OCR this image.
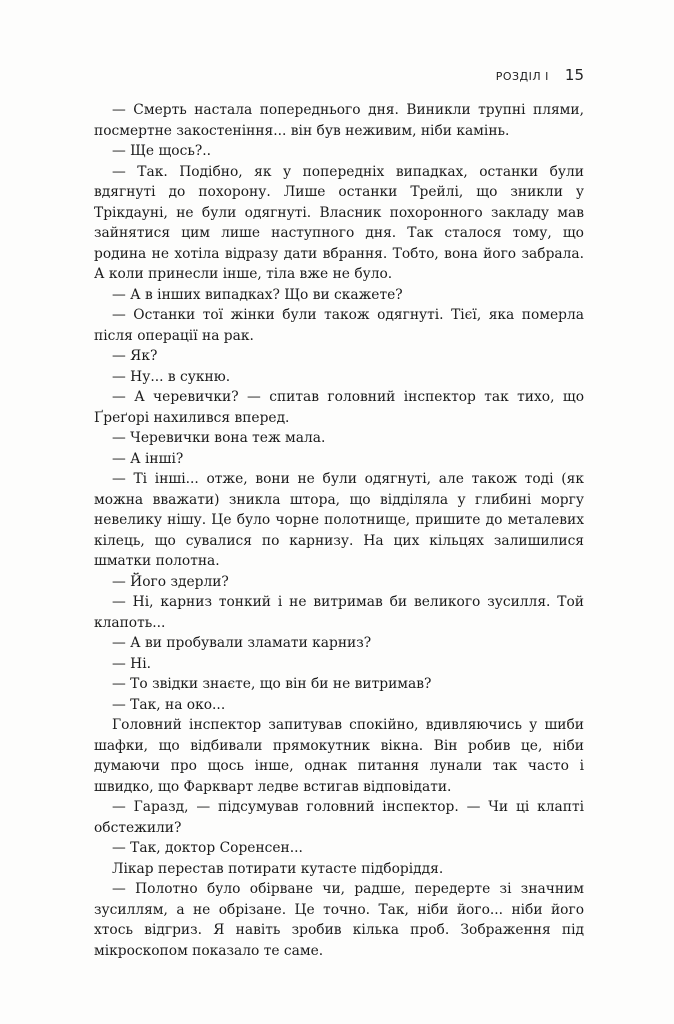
РОЗДІЛ І 15

— Смерть настала попереднього дня. Виникли трупні плями, посмертне закостеніння... він був неживим, ніби камінь.

— Ще щось?..

— Так. Подібно, як у попередніх випадках, останки були вдягнуті до похорону. Лише останки Трейлі, що зникли у Трікдауні, не були одягнуті. Власник похоронного закладу мав зайнятися цим лише наступного дня. Так сталося тому, що родина не хотіла відразу дати вбрання. Тобто, вона його забрала. А коли принесли інше, тіла вже не було.

— А в інших випадках? Що ви скажете?

— Останки тої жінки були також одягнуті. Тієї, яка померла після операції на рак.

— Як?

— Ну... в сукню.

— А черевички? — спитав головний інспектор так тихо, що Ґреґорі нахилився вперед.

— Черевички вона теж мала.

— А інші?

— Ті інші... отже, вони не були одягнуті, але також тоді (як можна вважати) зникла штора, що відділяла у глибині моргу невелику нішу. Це було чорне полотнище, пришите до металевих кілець, що сувалися по карнизу. На цих кільцях залишилися шматки полотна.

— Його здерли?

— Ні, карниз тонкий і не витримав би великого зусилля. Той клапоть...

— А ви пробували зламати карниз?

— Ні.

— То звідки знаєте, що він би не витримав?

— Так, на око...

Головний інспектор запитував спокійно, вдивляючись у шиби шафки, що відбивали прямокутник вікна. Він робив це, ніби думаючи про щось інше, однак питання лунали так часто і швидко, що Фаркварт ледве встигав відповідати.

— Гаразд, — підсумував головний інспектор. — Чи ці клапті обстежили?

— Так, доктор Соренсен...

Лікар перестав потирати кутасте підборіддя.

— Полотно було обірване чи, радше, передерте зі значним зусиллям, а не обрізане. Це точно. Так, ніби його... ніби його хтось відгриз. Я навіть зробив кілька проб. Зображення під мікроскопом показало те саме.
